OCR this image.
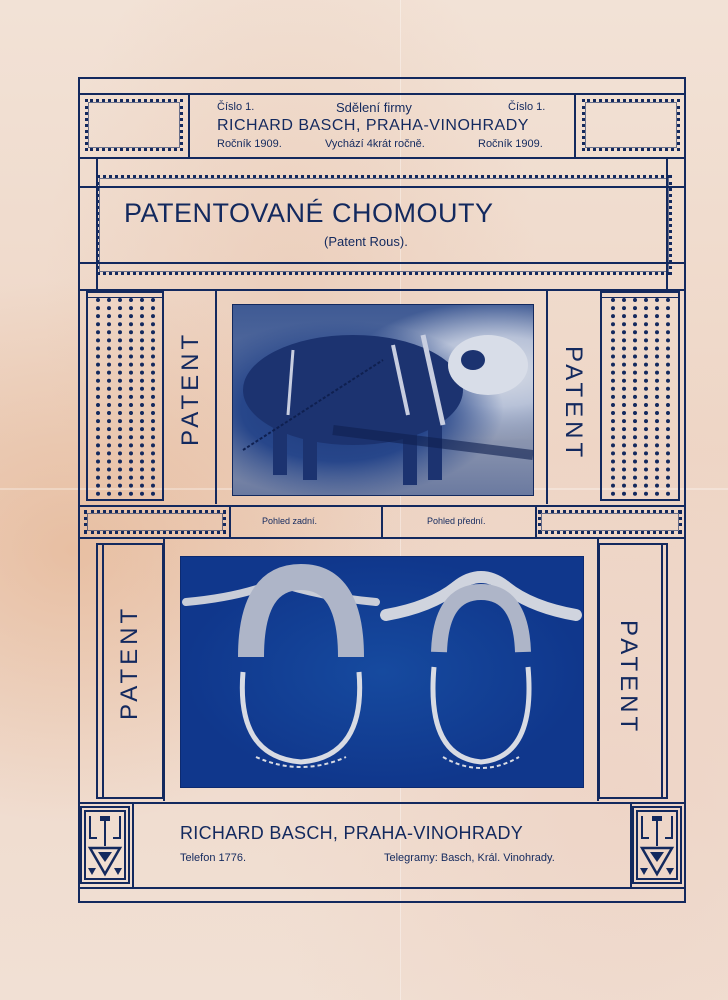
Číslo 1.	Sdělení firmy	Číslo 1.
RICHARD BASCH, PRAHA-VINOHRADY
Ročník 1909.	Vychází 4krát ročně.	Ročník 1909.
PATENTOVANÉ CHOMOUTY
(Patent Rous).
PATENT	PATENT
Pohled zadní.	Pohled přední.
PATENT	PATENT
RICHARD BASCH, PRAHA-VINOHRADY
Telefon 1776.	Telegramy: Basch, Král. Vinohrady.
